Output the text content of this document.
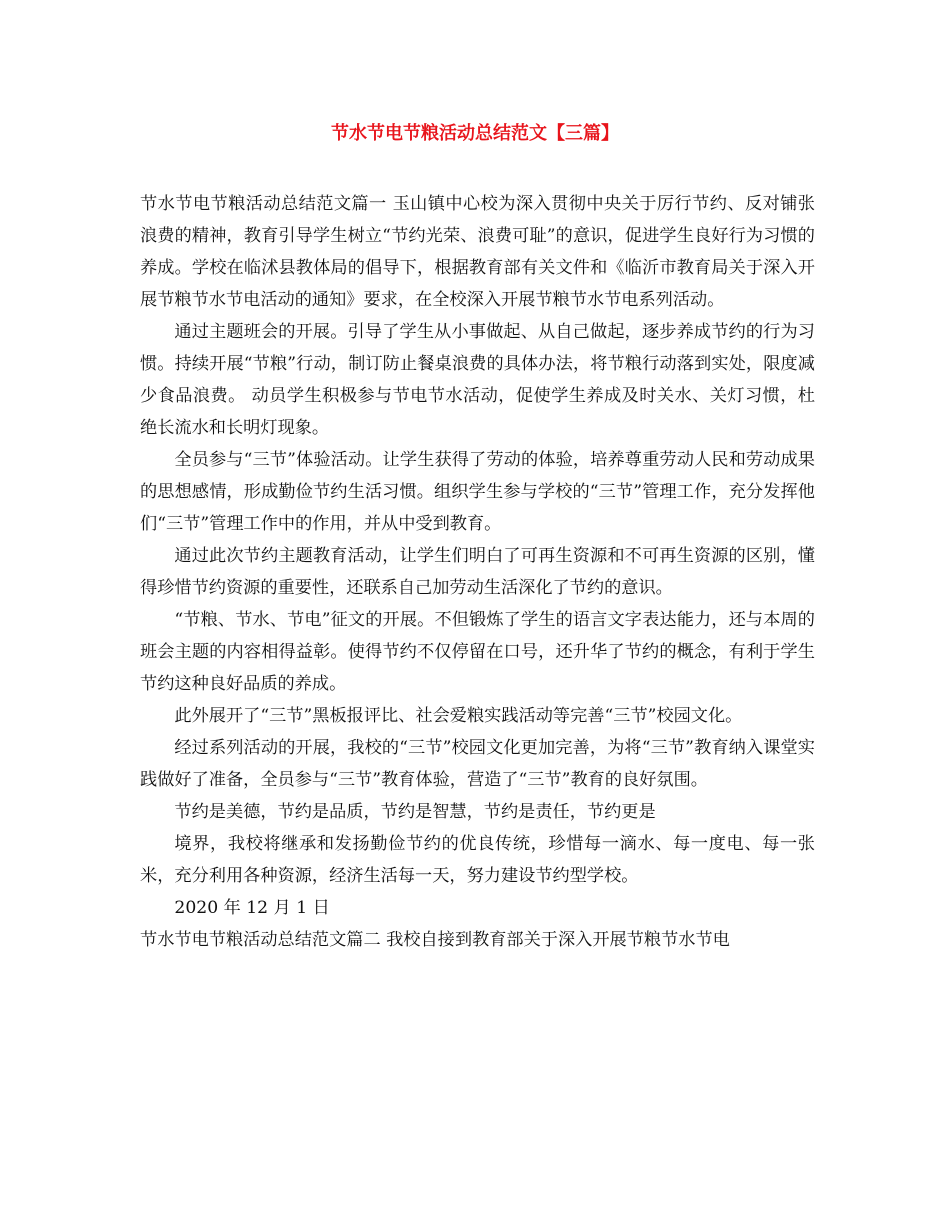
节水节电节粮活动总结范文【三篇】

节水节电节粮活动总结范文篇一 玉山镇中心校为深入贯彻中央关于厉行节约、反对铺张浪费的精神，教育引导学生树立“节约光荣、浪费可耻”的意识，促进学生良好行为习惯的养成。学校在临沭县教体局的倡导下，根据教育部有关文件和《临沂市教育局关于深入开展节粮节水节电活动的通知》要求，在全校深入开展节粮节水节电系列活动。

通过主题班会的开展。引导了学生从小事做起、从自己做起，逐步养成节约的行为习惯。持续开展“节粮”行动，制订防止餐桌浪费的具体办法，将节粮行动落到实处，限度减少食品浪费。 动员学生积极参与节电节水活动，促使学生养成及时关水、关灯习惯，杜绝长流水和长明灯现象。

全员参与“三节”体验活动。让学生获得了劳动的体验，培养尊重劳动人民和劳动成果的思想感情，形成勤俭节约生活习惯。组织学生参与学校的“三节”管理工作，充分发挥他们“三节”管理工作中的作用，并从中受到教育。

通过此次节约主题教育活动，让学生们明白了可再生资源和不可再生资源的区别，懂得珍惜节约资源的重要性，还联系自己加劳动生活深化了节约的意识。

“节粮、节水、节电”征文的开展。不但锻炼了学生的语言文字表达能力，还与本周的班会主题的内容相得益彰。使得节约不仅停留在口号，还升华了节约的概念，有利于学生节约这种良好品质的养成。

此外展开了“三节”黑板报评比、社会爱粮实践活动等完善“三节”校园文化。

经过系列活动的开展，我校的“三节”校园文化更加完善，为将“三节”教育纳入课堂实践做好了准备，全员参与“三节”教育体验，营造了“三节”教育的良好氛围。

节约是美德，节约是品质，节约是智慧，节约是责任，节约更是

境界，我校将继承和发扬勤俭节约的优良传统，珍惜每一滴水、每一度电、每一张米，充分利用各种资源，经济生活每一天，努力建设节约型学校。

2020 年 12 月 1 日

节水节电节粮活动总结范文篇二 我校自接到教育部关于深入开展节粮节水节电
